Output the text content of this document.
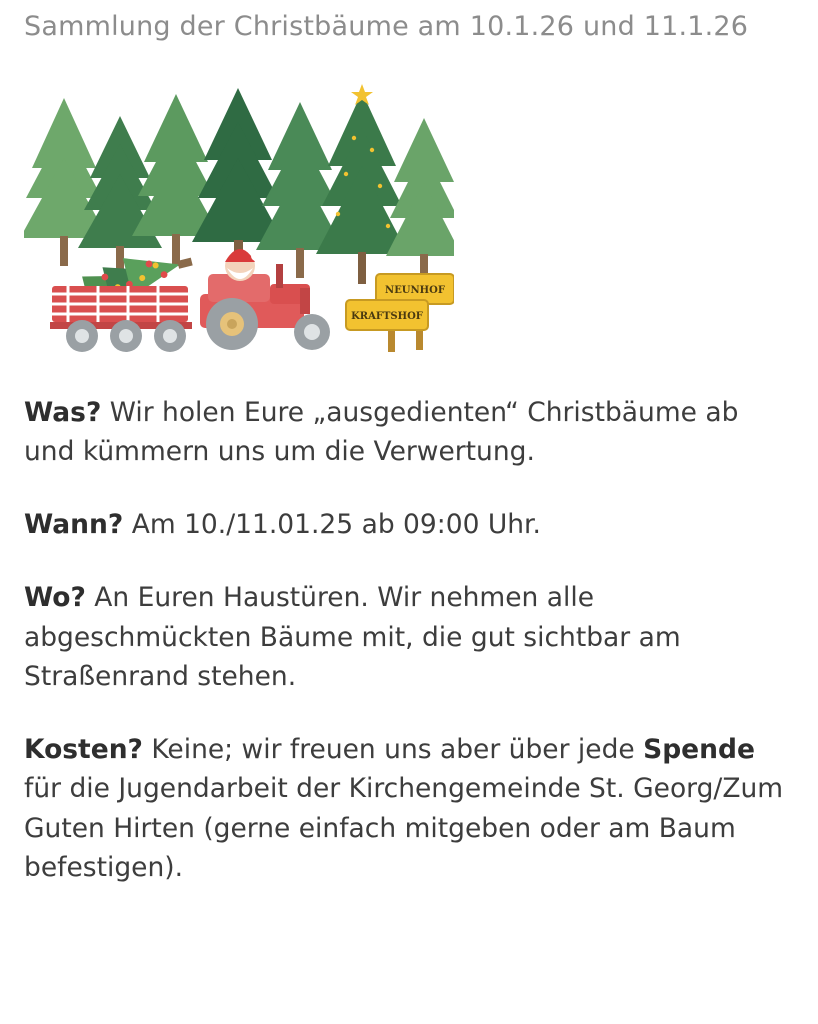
Sammlung der Christbäume am 10.1.26 und 11.1.26
NEUNHOF
KRAFTSHOF

Was? Wir holen Eure „ausgedienten“ Christbäume ab und kümmern uns um die Verwertung.

Wann? Am 10./11.01.25 ab 09:00 Uhr.

Wo? An Euren Haustüren. Wir nehmen alle abgeschmückten Bäume mit, die gut sichtbar am Straßenrand stehen.

Kosten? Keine; wir freuen uns aber über jede Spende für die Jugendarbeit der Kirchengemeinde St. Georg/Zum Guten Hirten (gerne einfach mitgeben oder am Baum befestigen).
